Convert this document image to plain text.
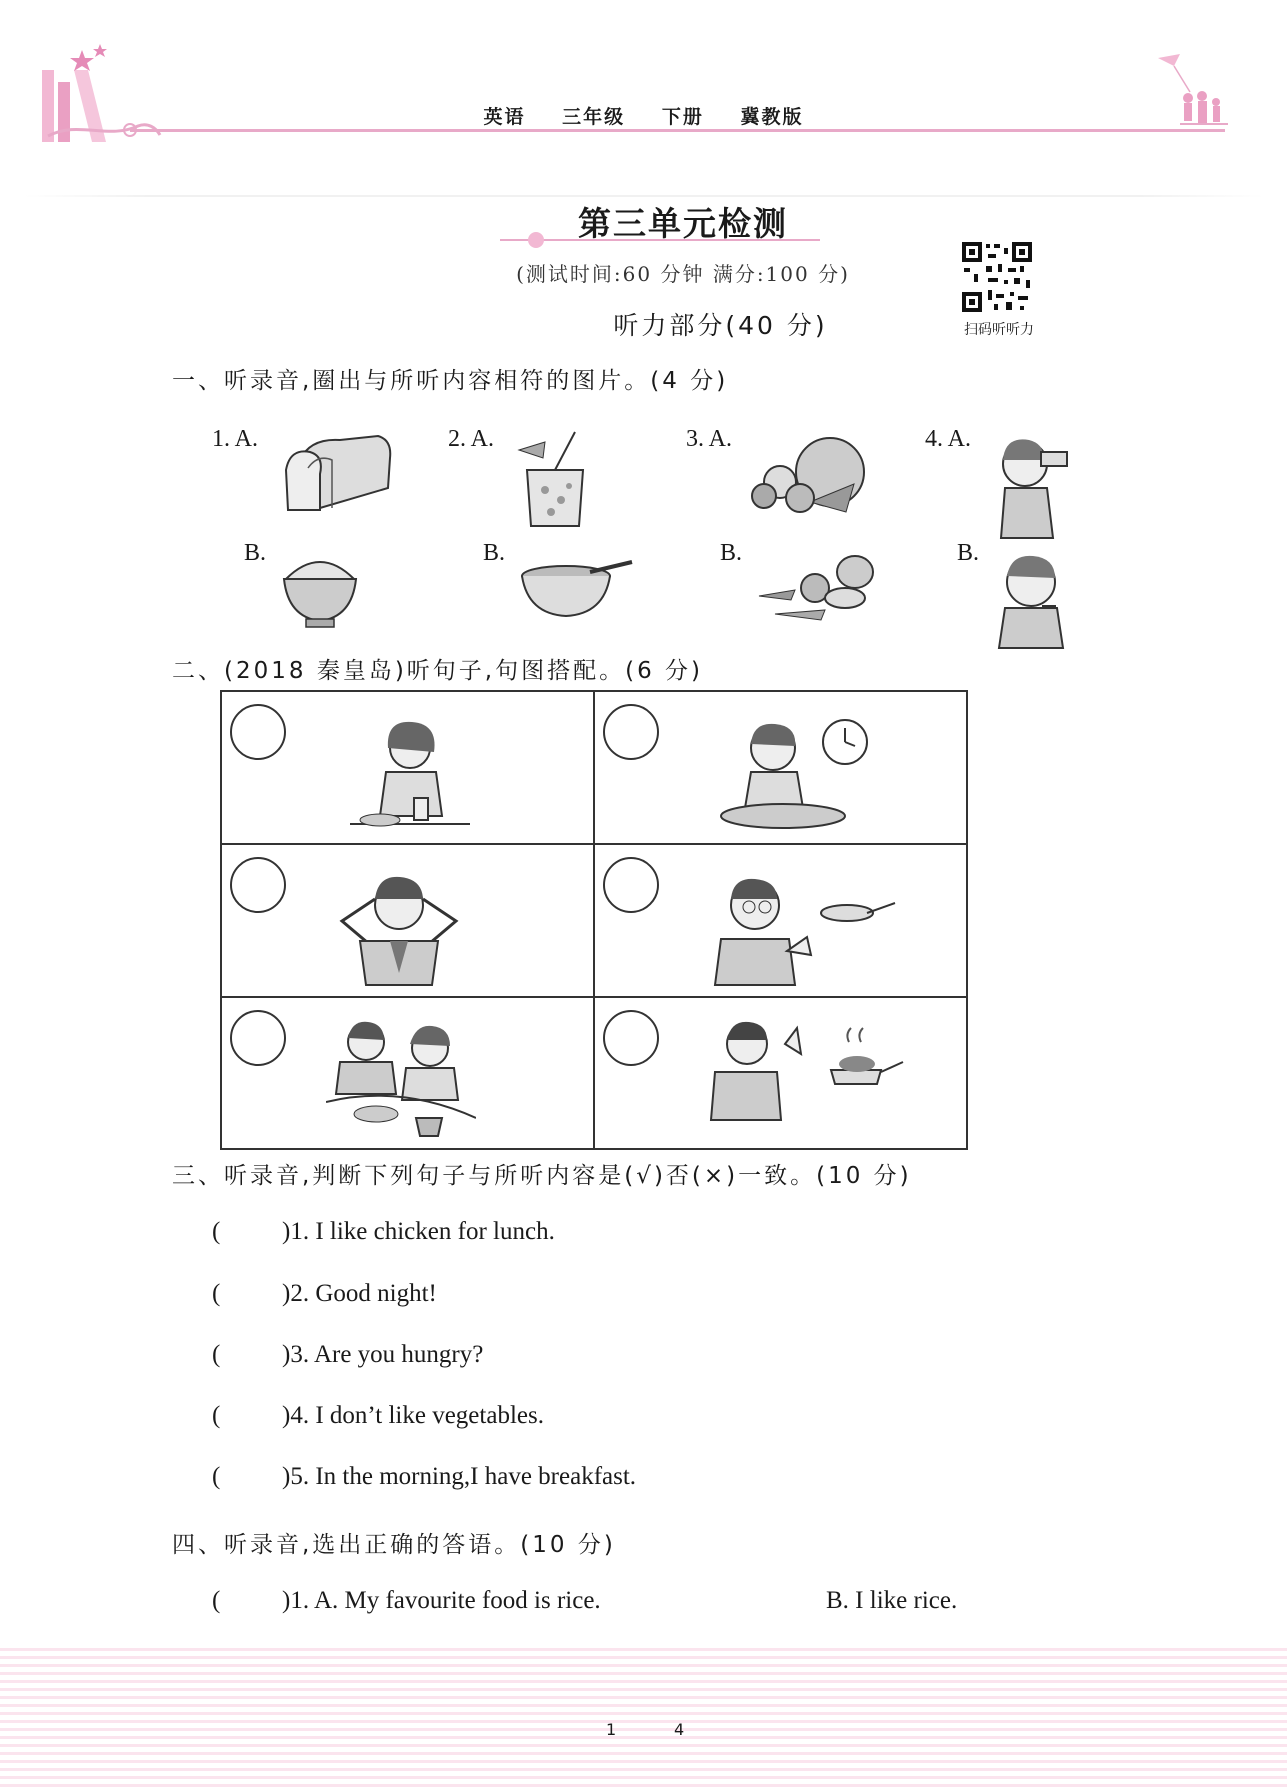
英语 三年级 下册 冀教版
第三单元检测
(测试时间:60 分钟 满分:100 分)
听力部分(40 分)	扫码听听力
一、听录音,圈出与所听内容相符的图片。(4 分)
1. A.
B.
2. A.
B.
3. A.
B.
4. A.
B.
二、(2018 秦皇岛)听句子,句图搭配。(6 分)

三、听录音,判断下列句子与所听内容是(√)否(×)一致。(10 分)
( )1. I like chicken for lunch.
( )2. Good night!
( )3. Are you hungry?
( )4. I don’t like vegetables.
( )5. In the morning,I have breakfast.
四、听录音,选出正确的答语。(10 分)
( )1. A. My favourite food is rice.	B. I like rice.
1	4
